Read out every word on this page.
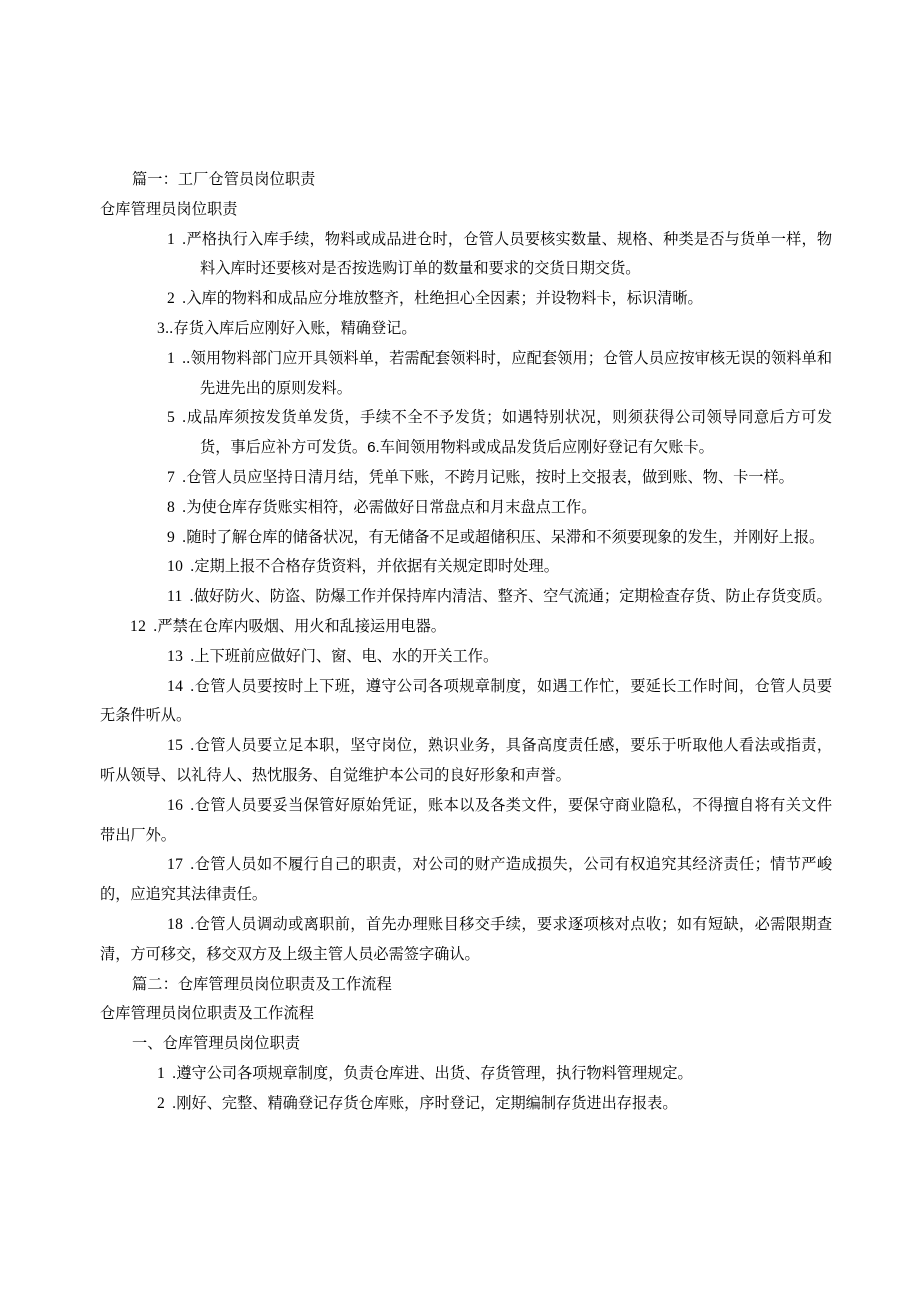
篇一：工厂仓管员岗位职责
仓库管理员岗位职责
1 .严格执行入库手续，物料或成品进仓时，仓管人员要核实数量、规格、种类是否与货单一样，物料入库时还要核对是否按选购订单的数量和要求的交货日期交货。
2 .入库的物料和成品应分堆放整齐，杜绝担心全因素；并设物料卡，标识清晰。
3..存货入库后应刚好入账，精确登记。
1 ..领用物料部门应开具领料单，若需配套领料时，应配套领用；仓管人员应按审核无误的领料单和先进先出的原则发料。
5 .成品库须按发货单发货，手续不全不予发货；如遇特别状况，则须获得公司领导同意后方可发货，事后应补方可发货。6.车间领用物料或成品发货后应刚好登记有欠账卡。
7 .仓管人员应坚持日清月结，凭单下账，不跨月记账，按时上交报表，做到账、物、卡一样。
8 .为使仓库存货账实相符，必需做好日常盘点和月末盘点工作。
9 .随时了解仓库的储备状况，有无储备不足或超储积压、呆滞和不须要现象的发生，并刚好上报。
10 .定期上报不合格存货资料，并依据有关规定即时处理。
11 .做好防火、防盗、防爆工作并保持库内清洁、整齐、空气流通；定期检查存货、防止存货变质。
12 .严禁在仓库内吸烟、用火和乱接运用电器。
13 .上下班前应做好门、窗、电、水的开关工作。
14 .仓管人员要按时上下班，遵守公司各项规章制度，如遇工作忙，要延长工作时间，仓管人员要无条件听从。
15 .仓管人员要立足本职，坚守岗位，熟识业务，具备高度责任感，要乐于听取他人看法或指责，听从领导、以礼待人、热忱服务、自觉维护本公司的良好形象和声誉。
16 .仓管人员要妥当保管好原始凭证，账本以及各类文件，要保守商业隐私，不得擅自将有关文件带出厂外。
17 .仓管人员如不履行自己的职责，对公司的财产造成损失，公司有权追究其经济责任；情节严峻的，应追究其法律责任。
18 .仓管人员调动或离职前，首先办理账目移交手续，要求逐项核对点收；如有短缺，必需限期查清，方可移交，移交双方及上级主管人员必需签字确认。
篇二：仓库管理员岗位职责及工作流程
仓库管理员岗位职责及工作流程
一、仓库管理员岗位职责
1 .遵守公司各项规章制度，负责仓库进、出货、存货管理，执行物料管理规定。
2 .刚好、完整、精确登记存货仓库账，序时登记，定期编制存货进出存报表。
